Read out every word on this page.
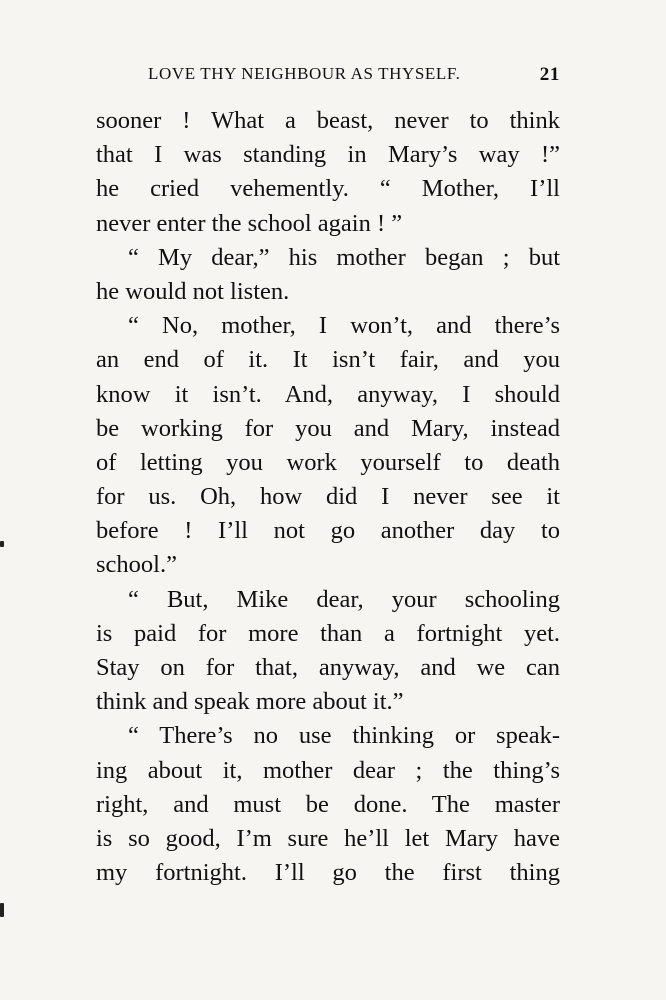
LOVE THY NEIGHBOUR AS THYSELF.	21
sooner ! What a beast, never to think
that I was standing in Mary’s way !”
he cried vehemently. “ Mother, I’ll
never enter the school again ! ”
“ My dear,” his mother began ; but
he would not listen.
“ No, mother, I won’t, and there’s
an end of it. It isn’t fair, and you
know it isn’t. And, anyway, I should
be working for you and Mary, instead
of letting you work yourself to death
for us. Oh, how did I never see it
before ! I’ll not go another day to
school.”
“ But, Mike dear, your schooling
is paid for more than a fortnight yet.
Stay on for that, anyway, and we can
think and speak more about it.”
“ There’s no use thinking or speak-
ing about it, mother dear ; the thing’s
right, and must be done. The master
is so good, I’m sure he’ll let Mary have
my fortnight. I’ll go the first thing
